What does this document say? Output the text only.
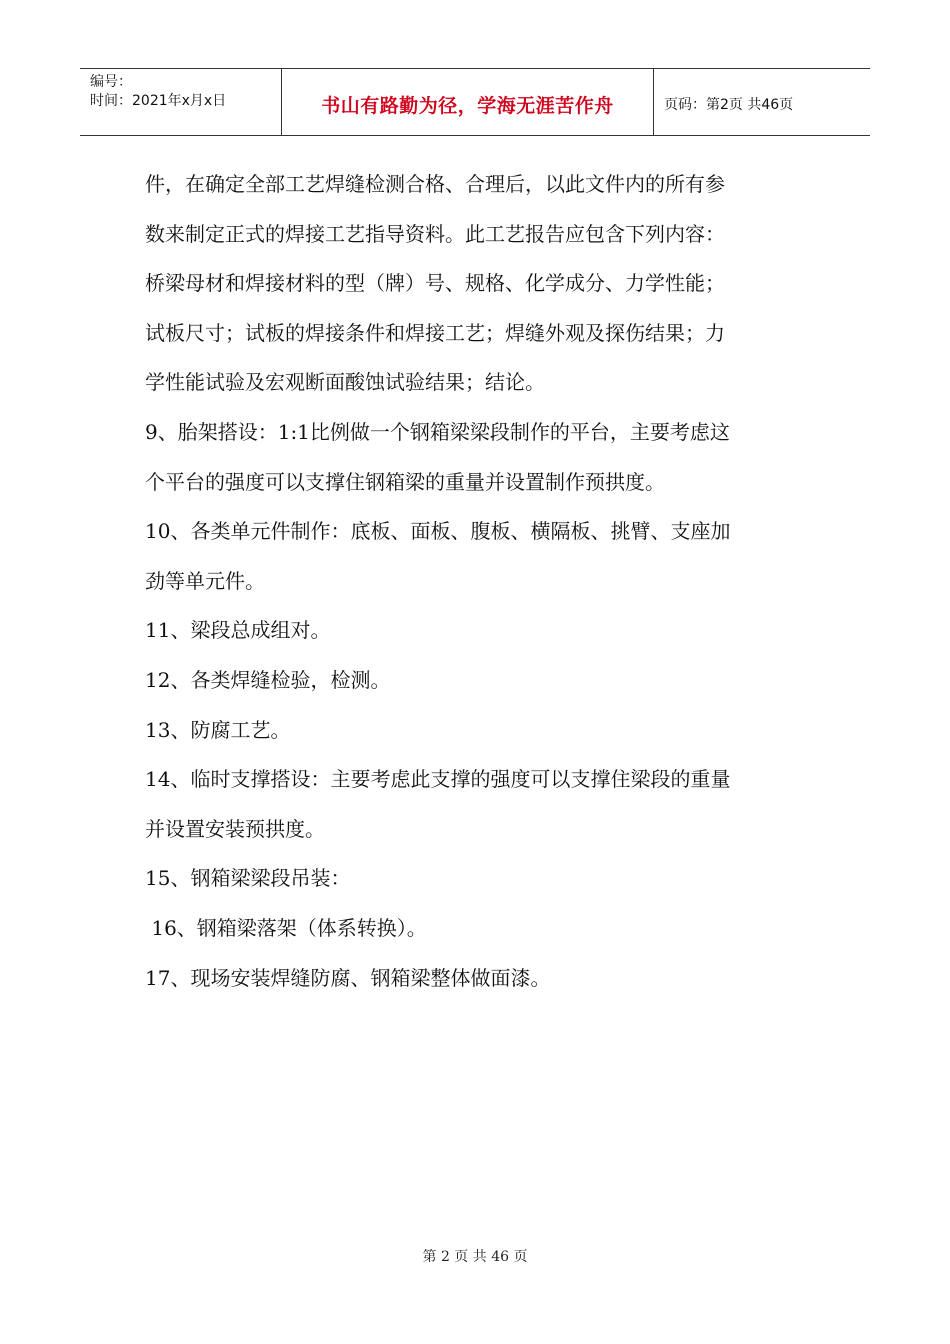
编号：
时间：2021年x月x日	书山有路勤为径，学海无涯苦作舟	页码：第2页 共46页

件，在确定全部工艺焊缝检测合格、合理后，以此文件内的所有参

数来制定正式的焊接工艺指导资料。此工艺报告应包含下列内容：

桥梁母材和焊接材料的型（牌）号、规格、化学成分、力学性能；

试板尺寸；试板的焊接条件和焊接工艺；焊缝外观及探伤结果；力

学性能试验及宏观断面酸蚀试验结果；结论。

9、胎架搭设：1:1比例做一个钢箱梁梁段制作的平台，主要考虑这

个平台的强度可以支撑住钢箱梁的重量并设置制作预拱度。

10、各类单元件制作：底板、面板、腹板、横隔板、挑臂、支座加

劲等单元件。

11、梁段总成组对。

12、各类焊缝检验，检测。

13、防腐工艺。

14、临时支撑搭设：主要考虑此支撑的强度可以支撑住梁段的重量

并设置安装预拱度。

15、钢箱梁梁段吊装：

16、钢箱梁落架（体系转换）。

17、现场安装焊缝防腐、钢箱梁整体做面漆。

第 2 页 共 46 页
